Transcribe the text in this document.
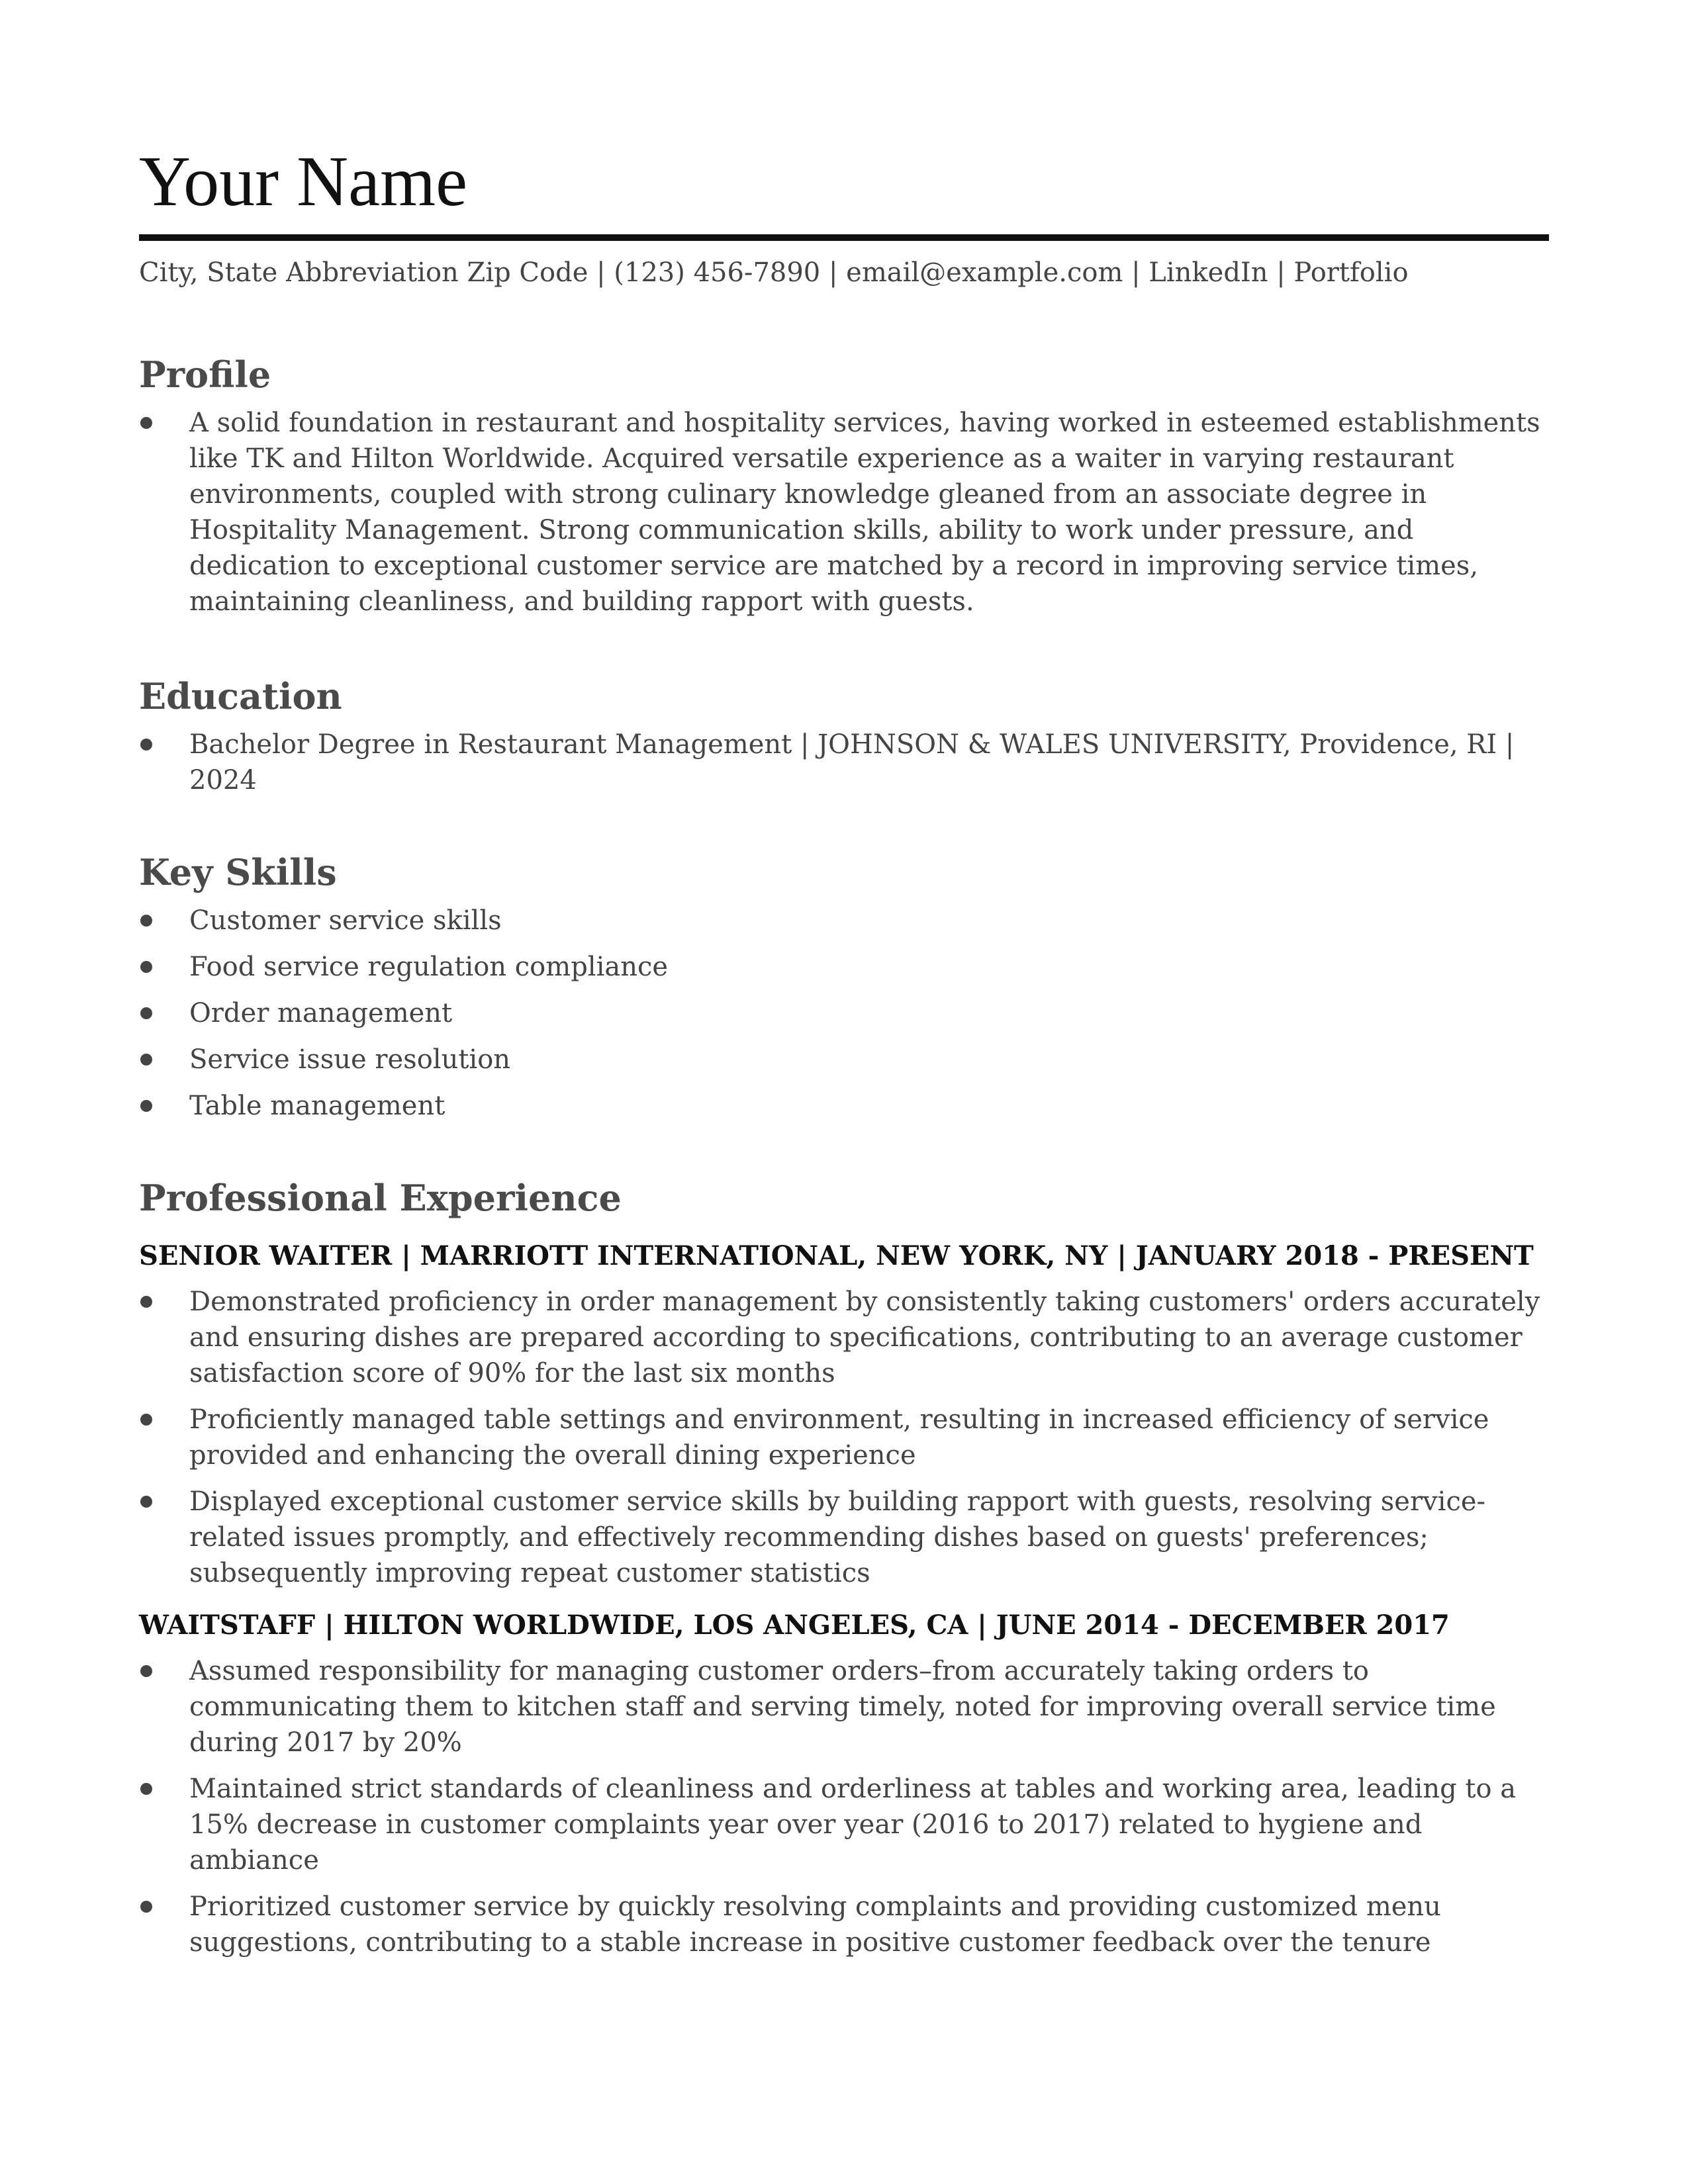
Your Name
City, State Abbreviation Zip Code | (123) 456-7890 | email@example.com | LinkedIn | Portfolio
Profile
A solid foundation in restaurant and hospitality services, having worked in esteemed establishments like TK and Hilton Worldwide. Acquired versatile experience as a waiter in varying restaurant environments, coupled with strong culinary knowledge gleaned from an associate degree in Hospitality Management. Strong communication skills, ability to work under pressure, and dedication to exceptional customer service are matched by a record in improving service times, maintaining cleanliness, and building rapport with guests.
Education
Bachelor Degree in Restaurant Management | JOHNSON & WALES UNIVERSITY, Providence, RI | 2024
Key Skills
Customer service skills
Food service regulation compliance
Order management
Service issue resolution
Table management
Professional Experience
SENIOR WAITER | MARRIOTT INTERNATIONAL, NEW YORK, NY | JANUARY 2018 - PRESENT
Demonstrated proficiency in order management by consistently taking customers' orders accurately and ensuring dishes are prepared according to specifications, contributing to an average customer satisfaction score of 90% for the last six months
Proficiently managed table settings and environment, resulting in increased efficiency of service provided and enhancing the overall dining experience
Displayed exceptional customer service skills by building rapport with guests, resolving service-related issues promptly, and effectively recommending dishes based on guests' preferences; subsequently improving repeat customer statistics
WAITSTAFF | HILTON WORLDWIDE, LOS ANGELES, CA | JUNE 2014 - DECEMBER 2017
Assumed responsibility for managing customer orders–from accurately taking orders to communicating them to kitchen staff and serving timely, noted for improving overall service time during 2017 by 20%
Maintained strict standards of cleanliness and orderliness at tables and working area, leading to a 15% decrease in customer complaints year over year (2016 to 2017) related to hygiene and ambiance
Prioritized customer service by quickly resolving complaints and providing customized menu suggestions, contributing to a stable increase in positive customer feedback over the tenure
